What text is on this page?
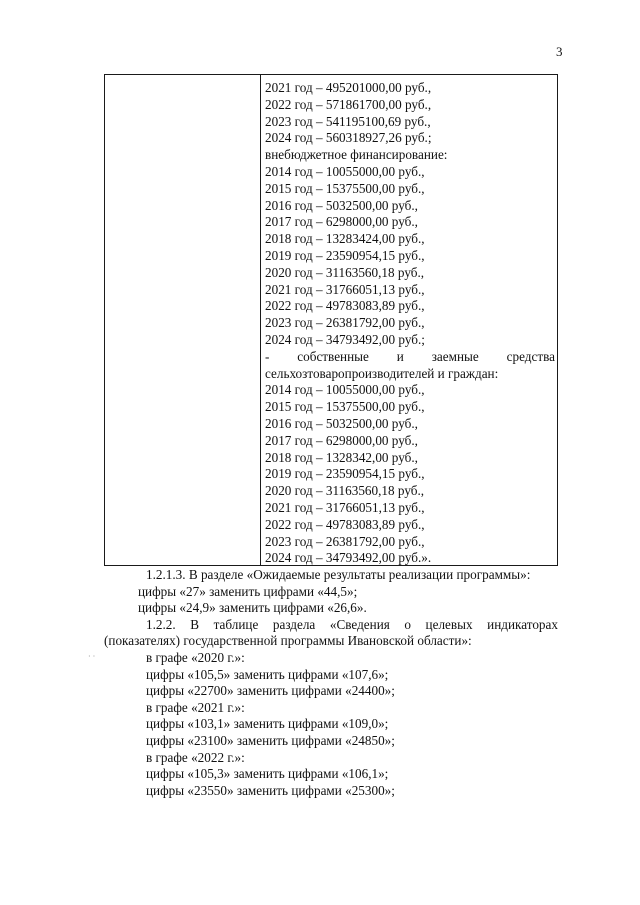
3
2021 год – 495201000,00 руб.,
2022 год – 571861700,00 руб.,
2023 год – 541195100,69 руб.,
2024 год – 560318927,26 руб.;
внебюджетное финансирование:
2014 год – 10055000,00 руб.,
2015 год – 15375500,00 руб.,
2016 год – 5032500,00 руб.,
2017 год – 6298000,00 руб.,
2018 год – 13283424,00 руб.,
2019 год – 23590954,15 руб.,
2020 год – 31163560,18 руб.,
2021 год – 31766051,13 руб.,
2022 год – 49783083,89 руб.,
2023 год – 26381792,00 руб.,
2024 год – 34793492,00 руб.;
- собственные и заемные средства
сельхозтоваропроизводителей и граждан:
2014 год – 10055000,00 руб.,
2015 год – 15375500,00 руб.,
2016 год – 5032500,00 руб.,
2017 год – 6298000,00 руб.,
2018 год – 1328342,00 руб.,
2019 год – 23590954,15 руб.,
2020 год – 31163560,18 руб.,
2021 год – 31766051,13 руб.,
2022 год – 49783083,89 руб.,
2023 год – 26381792,00 руб.,
2024 год – 34793492,00 руб.».
· ·
1.2.1.3. В разделе «Ожидаемые результаты реализации программы»:
цифры «27» заменить цифрами «44,5»;
цифры «24,9» заменить цифрами «26,6».
1.2.2. В таблице раздела «Сведения о целевых индикаторах
(показателях) государственной программы Ивановской области»:
в графе «2020 г.»:
цифры «105,5» заменить цифрами «107,6»;
цифры «22700» заменить цифрами «24400»;
в графе «2021 г.»:
цифры «103,1» заменить цифрами «109,0»;
цифры «23100» заменить цифрами «24850»;
в графе «2022 г.»:
цифры «105,3» заменить цифрами «106,1»;
цифры «23550» заменить цифрами «25300»;
